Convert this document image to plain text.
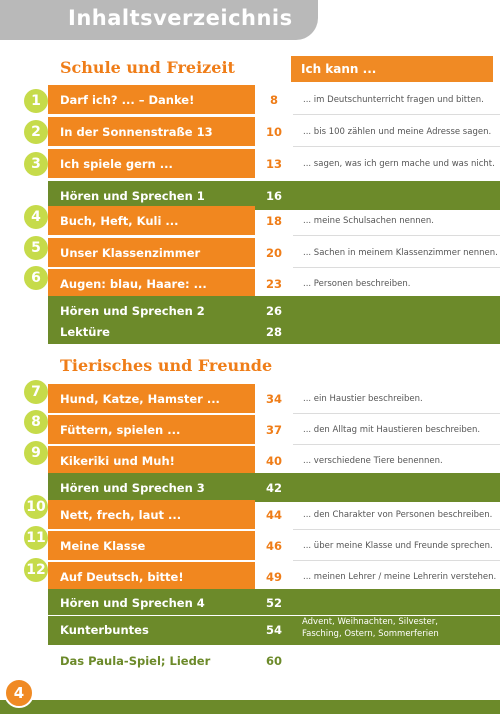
Inhaltsverzeichnis
Schule und Freizeit	Ich kann ...
1	Darf ich? ... – Danke!	8	... im Deutschunterricht fragen und bitten.
2	In der Sonnenstraße 13	10	... bis 100 zählen und meine Adresse sagen.
3	Ich spiele gern ...	13	... sagen, was ich gern mache und was nicht.
Hören und Sprechen 1	16
4	Buch, Heft, Kuli ...	18	... meine Schulsachen nennen.
5	Unser Klassenzimmer	20	... Sachen in meinem Klassenzimmer nennen.
6	Augen: blau, Haare: ...	23	... Personen beschreiben.
Hören und Sprechen 2	26
Lektüre	28
Tierisches und Freunde
7	Hund, Katze, Hamster ...	34	... ein Haustier beschreiben.
8	Füttern, spielen ...	37	... den Alltag mit Haustieren beschreiben.
9	Kikeriki und Muh!	40	... verschiedene Tiere benennen.
Hören und Sprechen 3	42
10 Nett, frech, laut ...	44	... den Charakter von Personen beschreiben.
11 Meine Klasse	46	... über meine Klasse und Freunde sprechen.
12 Auf Deutsch, bitte!	49	... meinen Lehrer / meine Lehrerin verstehen.
Hören und Sprechen 4	52
Kunterbuntes	54
Advent, Weihnachten, Silvester,
Fasching, Ostern, Sommerferien
Das Paula-Spiel; Lieder	60
4
